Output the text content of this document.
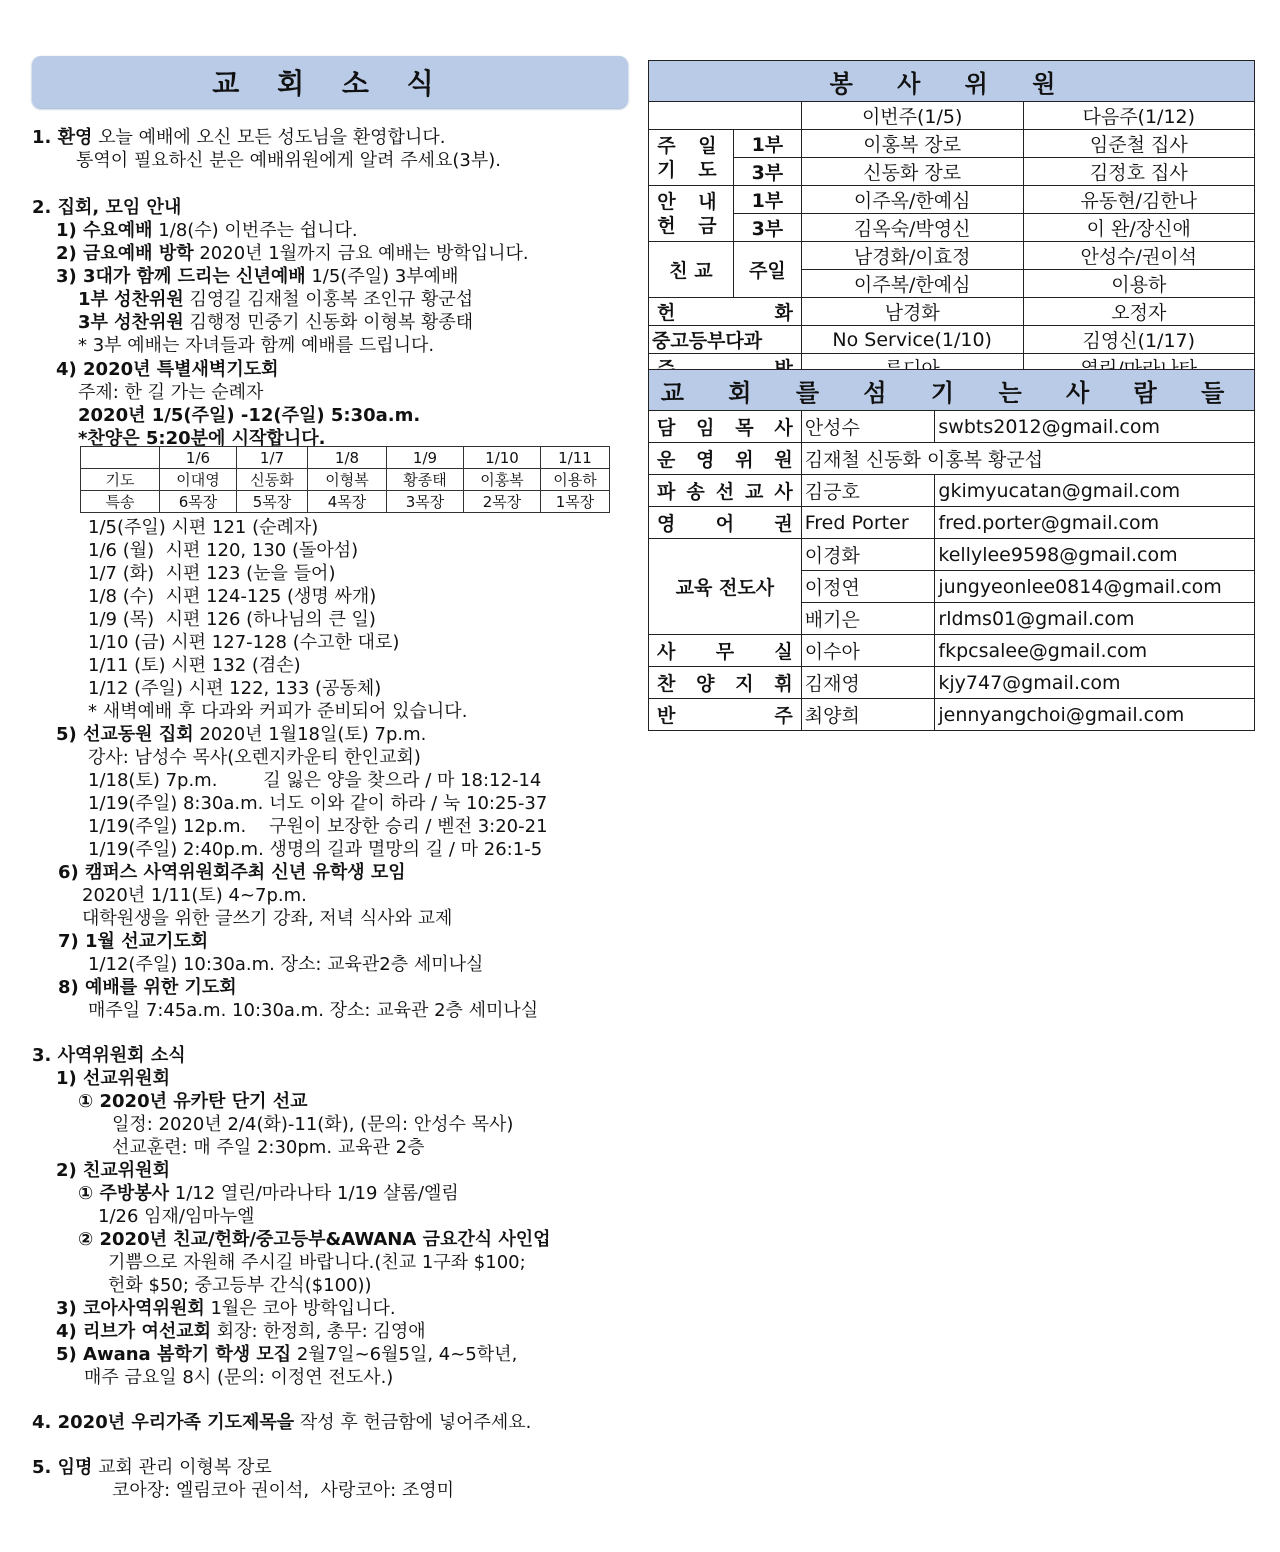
교 회 소 식
1. 환영 오늘 예배에 오신 모든 성도님을 환영합니다.
통역이 필요하신 분은 예배위원에게 알려 주세요(3부).
2. 집회, 모임 안내
1) 수요예배 1/8(수) 이번주는 쉽니다.
2) 금요예배 방학 2020년 1월까지 금요 예배는 방학입니다.
3) 3대가 함께 드리는 신년예배 1/5(주일) 3부예배
1부 성찬위원 김영길 김재철 이홍복 조인규 황군섭
3부 성찬위원 김행정 민중기 신동화 이형복 황종태
* 3부 예배는 자녀들과 함께 예배를 드립니다.
4) 2020년 특별새벽기도회
주제: 한 길 가는 순례자
2020년 1/5(주일) -12(주일) 5:30a.m.
*찬양은 5:20분에 시작합니다.
1/5(주일) 시편 121 (순례자)
1/6 (월)  시편 120, 130 (돌아섬)
1/7 (화)  시편 123 (눈을 들어)
1/8 (수)  시편 124-125 (생명 싸개)
1/9 (목)  시편 126 (하나님의 큰 일)
1/10 (금) 시편 127-128 (수고한 대로)
1/11 (토) 시편 132 (겸손)
1/12 (주일) 시편 122, 133 (공동체)
* 새벽예배 후 다과와 커피가 준비되어 있습니다.
5) 선교동원 집회 2020년 1월18일(토) 7p.m.
강사: 남성수 목사(오렌지카운티 한인교회)
1/18(토) 7p.m.        길 잃은 양을 찾으라 / 마 18:12-14
1/19(주일) 8:30a.m. 너도 이와 같이 하라 / 눅 10:25-37
1/19(주일) 12p.m.    구원이 보장한 승리 / 벧전 3:20-21
1/19(주일) 2:40p.m. 생명의 길과 멸망의 길 / 마 26:1-5
6) 캠퍼스 사역위원회주최 신년 유학생 모임
2020년 1/11(토) 4~7p.m.
대학원생을 위한 글쓰기 강좌, 저녁 식사와 교제
7) 1월 선교기도회
1/12(주일) 10:30a.m. 장소: 교육관2층 세미나실
8) 예배를 위한 기도회
매주일 7:45a.m. 10:30a.m. 장소: 교육관 2층 세미나실
3. 사역위원회 소식
1) 선교위원회
① 2020년 유카탄 단기 선교
일정: 2020년 2/4(화)-11(화), (문의: 안성수 목사)
선교훈련: 매 주일 2:30pm. 교육관 2층
2) 친교위원회
① 주방봉사 1/12 열린/마라나타 1/19 샬롬/엘림
1/26 임재/임마누엘
② 2020년 친교/헌화/중고등부&AWANA 금요간식 사인업
기쁨으로 자원해 주시길 바랍니다.(친교 1구좌 $100;
헌화 $50; 중고등부 간식($100))
3) 코아사역위원회 1월은 코아 방학입니다.
4) 리브가 여선교회 회장: 한정희, 총무: 김영애
5) Awana 봄학기 학생 모집 2월7일~6월5일, 4~5학년,
매주 금요일 8시 (문의: 이정연 전도사.)
4. 2020년 우리가족 기도제목을 작성 후 헌금함에 넣어주세요.
5. 임명 교회 관리 이형복 장로
코아장: 엘림코아 권이석,  사랑코아: 조영미
	1/6	1/7	1/8	1/9	1/10	1/11
기도	이대영	신동화	이형복	황종태	이홍복	이용하
특송	6목장	5목장	4목장	3목장	2목장	1목장
봉 사 위 원			
		이번주(1/5)	다음주(1/12)
주 일 기 도	1부	이홍복 장로	임준철 집사
	3부	신동화 장로	김정호 집사
안 내 헌 금	1부	이주옥/한예심	유동현/김한나
	3부	김옥숙/박영신	이 완/장신애
친 교	주일	남경화/이효정	안성수/권이석
		이주복/한예심	이용하
헌 화		남경화	오정자
중고등부다과		No Service(1/10)	김영신(1/17)

교 회 를 섬 기 는 사 람 들		
담 임 목 사	안성수	swbts2012@gmail.com
운 영 위 원	김재철 신동화 이홍복 황군섭	
파 송 선 교 사	김긍호	gkimyucatan@gmail.com
영 어 권	Fred Porter	fred.porter@gmail.com
교육 전도사	이경화	kellylee9598@gmail.com
	이정연	jungyeonlee0814@gmail.com
	배기은	rldms01@gmail.com
사 무 실	이수아	fkpcsalee@gmail.com
찬 양 지 휘	김재영	kjy747@gmail.com
반 주	최양희	jennyangchoi@gmail.com
